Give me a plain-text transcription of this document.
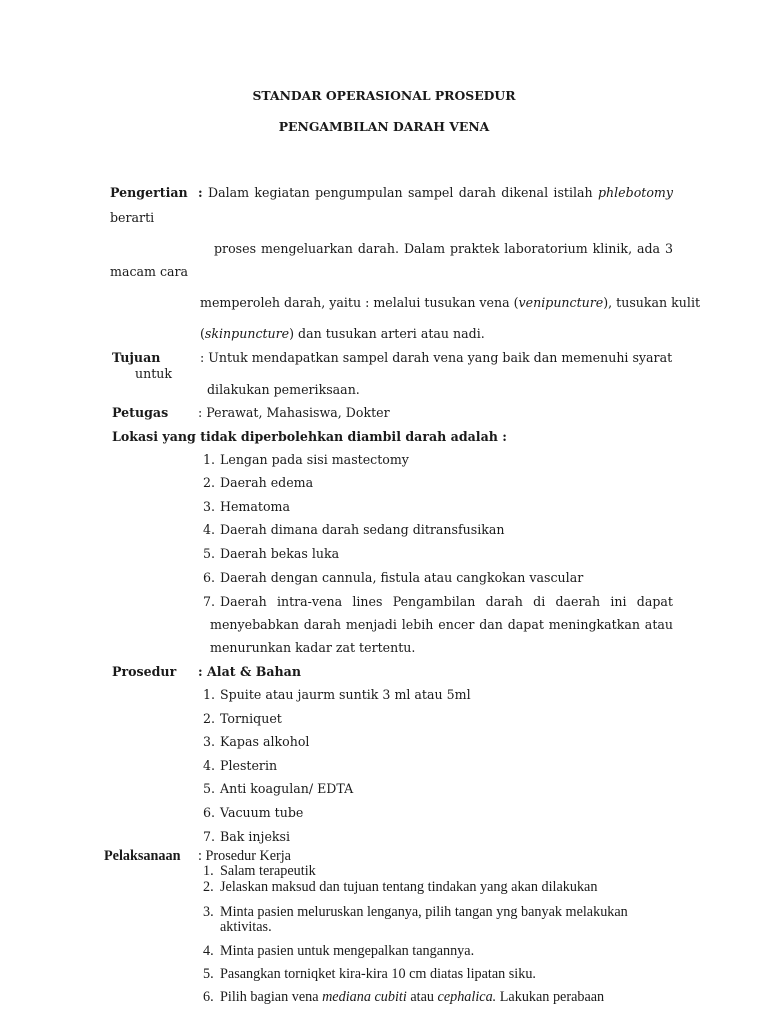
STANDAR OPERASIONAL PROSEDUR
PENGAMBILAN DARAH VENA
Pengertian : Dalam kegiatan pengumpulan sampel darah dikenal istilah phlebotomy
berarti
proses mengeluarkan darah. Dalam praktek laboratorium klinik, ada 3
macam cara
memperoleh darah, yaitu : melalui tusukan vena (venipuncture), tusukan kulit
(skinpuncture) dan tusukan arteri atau nadi.
Tujuan
untuk
: Untuk mendapatkan sampel darah vena yang baik dan memenuhi syarat
dilakukan pemeriksaan.
Petugas : Perawat, Mahasiswa, Dokter
Lokasi yang tidak diperbolehkan diambil darah adalah :
1. Lengan pada sisi mastectomy
2. Daerah edema
3. Hematoma
4. Daerah dimana darah sedang ditransfusikan
5. Daerah bekas luka
6. Daerah dengan cannula, fistula atau cangkokan vascular
7. Daerah intra-vena lines Pengambilan darah di daerah ini dapat
menyebabkan darah menjadi lebih encer dan dapat meningkatkan atau
menurunkan kadar zat tertentu.
Prosedur : Alat & Bahan
1. Spuite atau jaurm suntik 3 ml atau 5ml
2. Torniquet
3. Kapas alkohol
4. Plesterin
5. Anti koagulan/ EDTA
6. Vacuum tube
7. Bak injeksi
Pelaksanaan : Prosedur Kerja
1. Salam terapeutik
2. Jelaskan maksud dan tujuan tentang tindakan yang akan dilakukan
3. Minta pasien meluruskan lenganya, pilih tangan yng banyak melakukan
aktivitas.
4. Minta pasien untuk mengepalkan tangannya.
5. Pasangkan torniqket kira-kira 10 cm diatas lipatan siku.
6. Pilih bagian vena mediana cubiti atau cephalica. Lakukan perabaan
